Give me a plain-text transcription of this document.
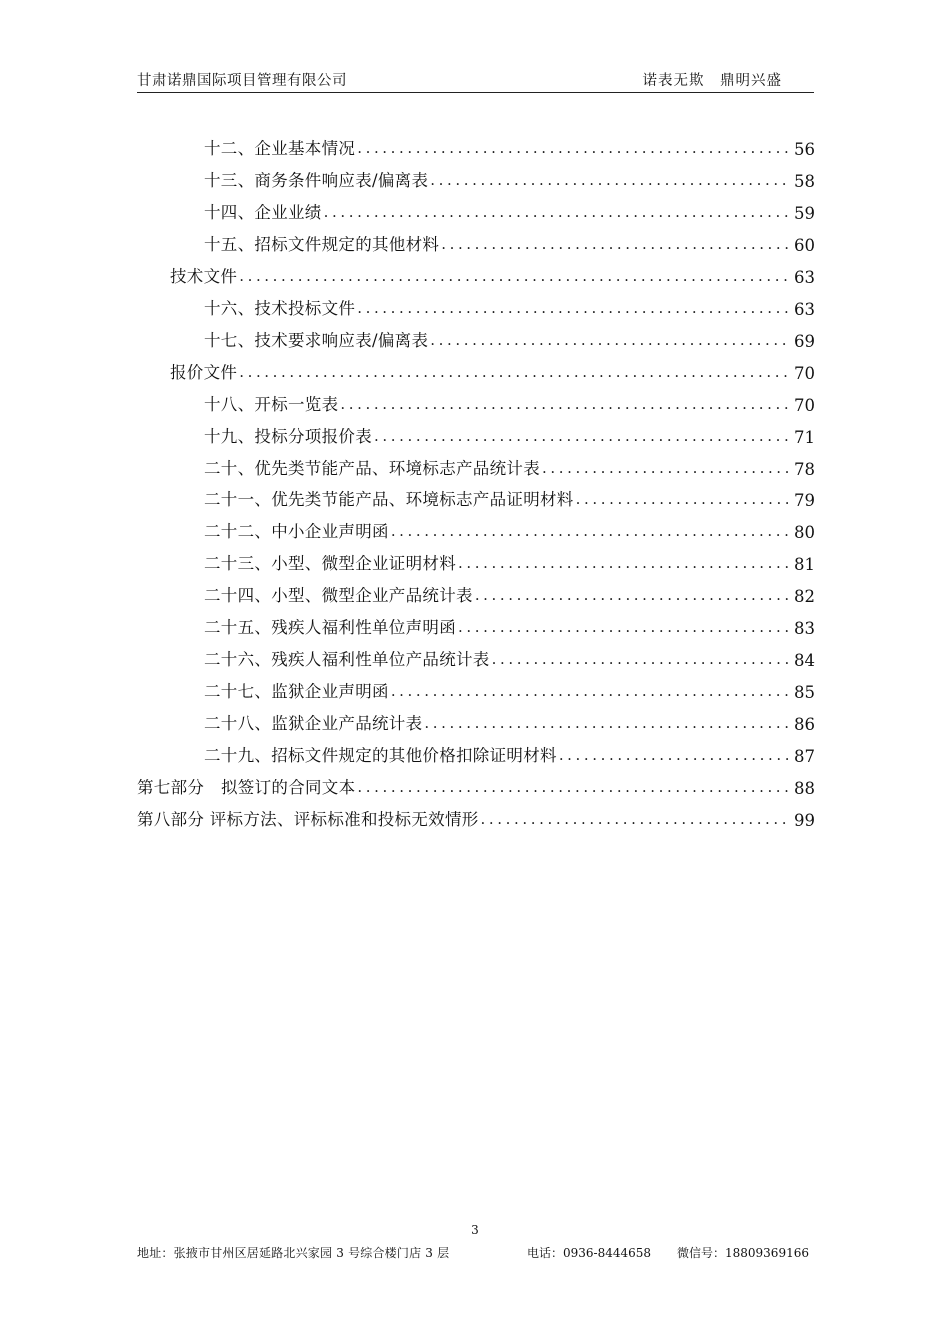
甘肃诺鼎国际项目管理有限公司	诺表无欺　鼎明兴盛
十二、企业基本情况 .....	56
十三、商务条件响应表/偏离表 .....	58
十四、企业业绩 .....	59
十五、招标文件规定的其他材料 .....	60
技术文件 .....	63
十六、技术投标文件 .....	63
十七、技术要求响应表/偏离表 .....	69
报价文件 .....	70
十八、开标一览表 .....	70
十九、投标分项报价表 .....	71
二十、优先类节能产品、环境标志产品统计表 .....	78
二十一、优先类节能产品、环境标志产品证明材料 .....	79
二十二、中小企业声明函 .....	80
二十三、小型、微型企业证明材料 .....	81
二十四、小型、微型企业产品统计表 .....	82
二十五、残疾人福利性单位声明函 .....	83
二十六、残疾人福利性单位产品统计表 .....	84
二十七、监狱企业声明函 .....	85
二十八、监狱企业产品统计表 .....	86
二十九、招标文件规定的其他价格扣除证明材料 .....	87
第七部分　拟签订的合同文本 .....	88
第八部分 评标方法、评标标准和投标无效情形 .....	99
3
地址：张掖市甘州区居延路北兴家园 3 号综合楼门店 3 层	电话：0936-8444658 微信号：18809369166
